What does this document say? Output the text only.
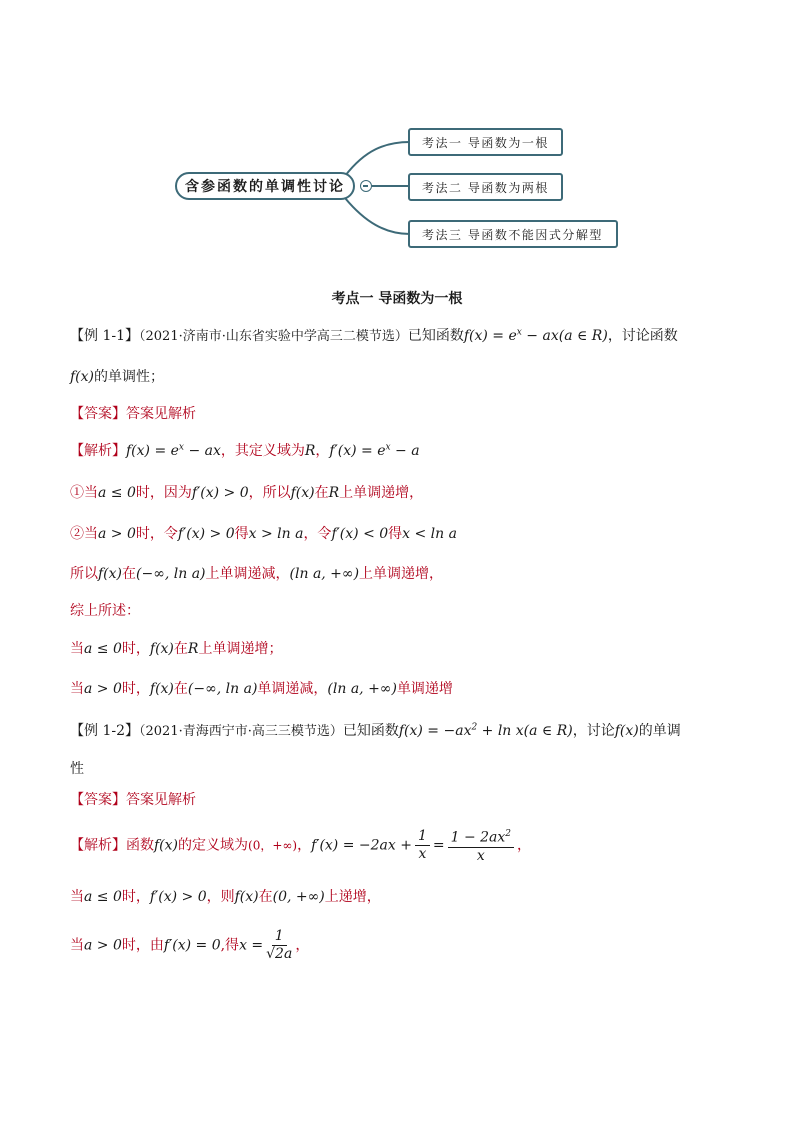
含参函数的单调性讨论
考法一 导函数为一根
考法二 导函数为两根
考法三 导函数不能因式分解型
考点一 导函数为一根
【例 1-1】（2021·济南市·山东省实验中学高三二模节选）已知函数$f(x) = e^x - ax(a$ ∈ R)，讨论函数
f(x)的单调性；
【答案】答案见解析
【解析】$f(x) = e^x$ − ax，其定义域为R，$f'(x) = e^x - a$
①当a ≤ 0时，因为f′(x) > 0，所以f(x)在R上单调递增，
②当a > 0时，令f′(x) > 0得x > ln a，令f′(x) < 0得x < ln a
所以f(x)在(−∞, ln a)上单调递减，(ln a, +∞)上单调递增，
综上所述：
当a ≤ 0时，f(x)在R上单调递增；
当a > 0时，f(x)在(−∞, ln a)单调递减，(ln a, +∞)单调递增
【例 1-2】（2021·青海西宁市·高三三模节选）已知函数$f(x) = -ax^2 + \ln x(a$ ∈ R)，讨论f(x)的单调
性
【答案】答案见解析
【解析】函数f(x)的定义域为(0，+∞)，$f'(x) = -2ax + \frac{1}{x} = \frac{1 - 2ax^2}{x}$ ，
当a ≤ 0时，f′(x) > 0，则f(x)在(0, +∞)上递增，
当a > 0时，由f′(x) = 0,得$x = \frac{1}{√2a}$ ，
